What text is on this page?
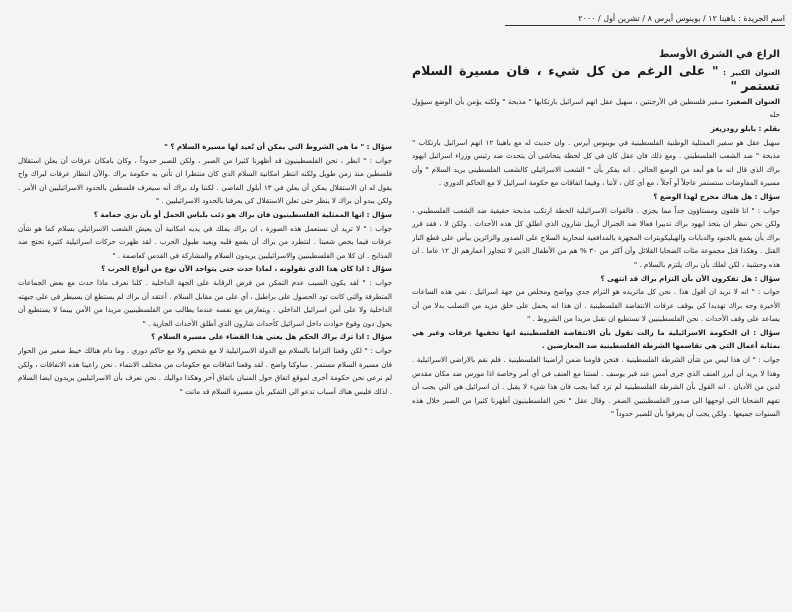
اسم الجريدة : ياهينا ١٢ / بوينوس أيرس ٨ / تشرين أول / ٢٠٠٠
الراع في الشرق الأوسط
العنوان الكبير : " على الرغم من كل شيء ، فان مسيرة السلام تستمر "
العنوان الصغير: سفير فلسطين في الأرجنتين ، سهيل عقل اتهم اسرائيل بارتكابها " مذبحة " ولكنه يؤمن بأن الوضع سيؤول حله
بقلم : بابلو رودريغز

سهيل عقل هو سفير الممثلية الوطنية الفلسطينية في بوينوس أيرس . وان حديث له مع ياهينا ١٢ اتهم اسرائيل بارتكاب " مذبحة " ضد الشعب الفلسطيني . ومع ذلك فان عقل كان في كل لحظة يتحاشى أن يتحدث ضد رئيس وزراء اسرائيل ايهود براك الذي قال انه ما هو أبعد من الوضع الحالي . انه يفكر بأن " الشعب الاسرائيلي كالشعب الفلسطيني يريد السلام " وأن مسيرة المفاوضات ستستمر عاجلاً أو آجلاً ، مع أي كان ، لأننا ، وفيما اتفاقات مع حكومة اسرائيل لا مع الحاكم الدوري .

سؤال : هل هناك مخرج لهذا الوضع ؟

جواب : " انا قلقون ومستاؤون جداً مما يجري . فالقوات الاسرائيلية الخطة ارتكب مذبحة حقيقية ضد الشعب الفلسطيني ، ولكن نحن ننظر ان يتخذ ايهود براك تدبيرا فعالا ضد الجنرال أرييل شارون الذي اطلق كل هذه الأحداث . ولكن لا ، فقد قرر براك بأن يقمع بالجنود والدبابات والهيليكوبترات المجهزة بالمدافعية لمحاربة السلاح على الصدور والزائرين بيأس على قطع النار القتل . وهكذا قتل مجموعة مئات الضحايا القلائل وأن أكثر من ٣٠ % هم من الأطفال الذين لا تتجاوز أعمارهم ال ١٢ عاما . ان هذه وحشية ، لكن لعلك بأن براك يلتزم بالسلام . "

سؤال : هل تفكرون الآن بأن التزام براك قد انتهى ؟

جواب : " انه لا نريد ان أقول هذا . نحن كل ماتريده هو التزام جدي وواضح ومخلص من جهة اسرائيل . نفي هذه الساعات الأخيرة وجه براك تهديدا كي يوقف عرفات الانتفاضة الفلسطينية . ان هذا انه يحمل على خلق مزيد من التصلب بدلا من أن يساعد على وقف الأحداث . نحن الفلسطينيين لا نستطيع ان نقبل مزيدا من الشروط . "

سؤال : ان الحكومة الاسرائيلية ما زالت تقول بأن الانتفاضة الفلسطينية انها تخفيها عرفات وغير هي بمثابة أعمال التي هي تقاسمها الشرطة الفلسطينية ضد المعارضين .

جواب : " ان هذا ليس من شأن الشرطة الفلسطينية . فنحن قاومنا ضمن أراضينا الفلسطينية . فلم نقم بالاراضي الاسرائيلية . وهذا لا يريد أن أبرز العنف الذي جرى أمس عند قبر يوسف . لستنا مع العنف في أي أمر وخاصة اذا مورس ضد مكان مقدس لدين من الأديان . انه القول بأن الشرطة الفلسطينية لم ترد كما يجب فان هذا شيء لا يقبل . ان اسرائيل هي التي يجب أن تفهم الضحايا التي اوجهها الى صدور الفلسطينيين الصغر . وقال عقل " نحن الفلسطينيون أظهرنا كثيرا من الصبر خلال هذه السنوات جميعها . ولكن يجب أن يعرفوا بأن للصبر حدوداً "

سؤال : " ما هي الشروط التي يمكن أن تُعيد لها مسيرة السلام ؟ "

جواب : " انظر ، نحن الفلسطينيون قد أظهرنا كثيرا من الصبر ، ولكن للصبر حدوداً ، وكان بامكان عرفات أن يعلن استقلال فلسطين منذ زمن طويل ولكنه انتظر امكانية السلام الذي كان منتظرا ان تأتي به حكومة براك .والآن انتظار عرفات لبراك واح يقول له ان الاستقلال يمكن أن يعلن في ١٣ أيلول الماضي . لكننا ولد براك أنه سيعرف فلسطين بالحدود الاسرائيليين ان الأمر . ولكن يبدو أن براك لا ينظر حتى تعلن الاستقلال كي يعرفنا بالحدود الاسرائيليين . "

سؤال : انها الممثلية الفلسطينيون فان براك هو ذئب بلباس الحمل أو بأن بزي حمامة ؟

جواب : " لا تريد أن نستعمل هذه الصورة ، ان براك يملك في يديه امكانية أن يعيش الشعب الاسرائيلي بسلام كما هو شأن عرفات فيما يخص شعبنا . لنتطرد من براك أن يقمع قلبه ويعيد طبول الحرب . لقد ظهرت حركات اسرائيلية كثيرة تحتج ضد المذابح . ان كلا من الفلسطينيين والاسرائيليين يريدون السلام والمشاركة في القدس كعاصمة . "

سؤال : اذا كان هذا الذي تقولونه ، لماذا حدث حتى يتواجد الآن نوع من أنواع الحرب ؟

جواب : " لقد يكون السبب عدم التمكن من فرض الرقابة على الجهة الداخلية . كلنا نعرف ماذا حدث مع بعض الجماعات المتطرفة والتي كانت تود الحصول على براطيل ، أي على من مقابل السلام . أعتقد أن براك لم يستطع ان يسيطر في على جبهته الداخلية ولا على أمن اسرائيل الداخلي . ويتعارض مع نفسه عندما يطالب من الفلسطينيين مزيدا من الأمن بينما لا يستطيع أن يحول دون وقوع حوادث داخل اسرائيل كأحداث شارون الذي أطلق الأحداث الجارية . "

سؤال : اذا ترك براك الحكم هل يعني هذا القضاء على مسيرة السلام ؟

جواب : " لكن وقعنا التزاما بالسلام مع الدولة الاسرائيلية لا مع شخص ولا مع حاكم دوري . وما دام هنالك خيط صغير من الحوار فان مسيرة السلام مستمر . ساوكنا واضح . لقد وقعنا اتفاقات مع حكومات من مختلف الانتماء . نحن راعينا هذه الاتفاقات ، ولكن لم نرعى نحن حكومة أخرى لموقع اتفاق حول المنبان باتفاق آخر وهكذا دواليك . نحن نعرف بأن الاسرائيليين يريدون ايضا السلام . لذلك فليس هناك أسباب تدعو الى التفكير بأن مسيرة السلام قد ماتت "
